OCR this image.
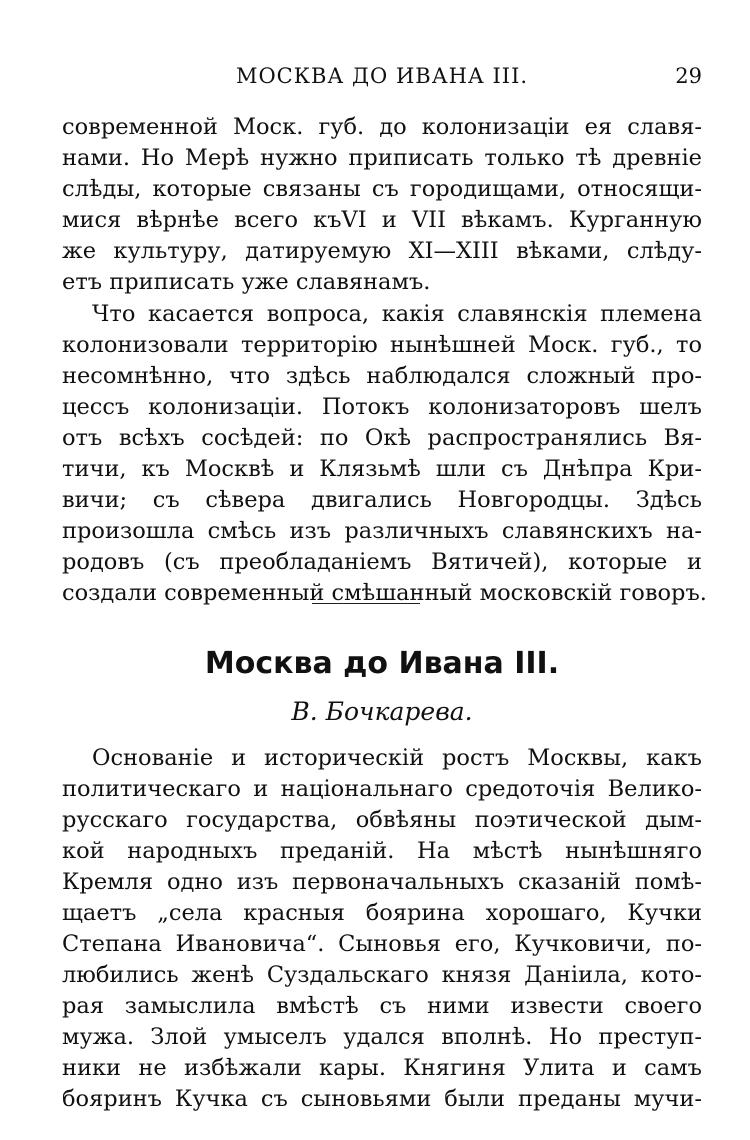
МОСКВА ДО ИВАНА III.	29
современной Моск. губ. до колонизаціи ея славя-
нами. Но Мерѣ нужно приписать только тѣ древніе
слѣды, которые связаны съ городищами, относящи-
мися вѣрнѣе всего къVI и VII вѣкамъ. Курганную
же культуру, датируемую XI—XIII вѣками, слѣду-
етъ приписать уже славянамъ.
Что касается вопроса, какія славянскія племена
колонизовали территорію нынѣшней Моск. губ., то
несомнѣнно, что здѣсь наблюдался сложный про-
цессъ колонизаціи. Потокъ колонизаторовъ шелъ
отъ всѣхъ сосѣдей: по Окѣ распространялись Вя-
тичи, къ Москвѣ и Клязьмѣ шли съ Днѣпра Кри-
вичи; съ сѣвера двигались Новгородцы. Здѣсь
произошла смѣсь изъ различныхъ славянскихъ на-
родовъ (съ преобладаніемъ Вятичей), которые и
создали современный смѣшанный московскій говоръ.
Москва до Ивана III.
В. Бочкарева.
Основаніе и историческій ростъ Москвы, какъ
политическаго и національнаго средоточія Велико-
русскаго государства, обвѣяны поэтической дым-
кой народныхъ преданій. На мѣстѣ нынѣшняго
Кремля одно изъ первоначальныхъ сказаній помѣ-
щаетъ „села красныя боярина хорошаго, Кучки
Степана Ивановича“. Сыновья его, Кучковичи, по-
любились женѣ Суздальскаго князя Даніила, кото-
рая замыслила вмѣстѣ съ ними извести своего
мужа. Злой умыселъ удался вполнѣ. Но преступ-
ники не избѣжали кары. Княгиня Улита и самъ
бояринъ Кучка съ сыновьями были преданы мучи-
